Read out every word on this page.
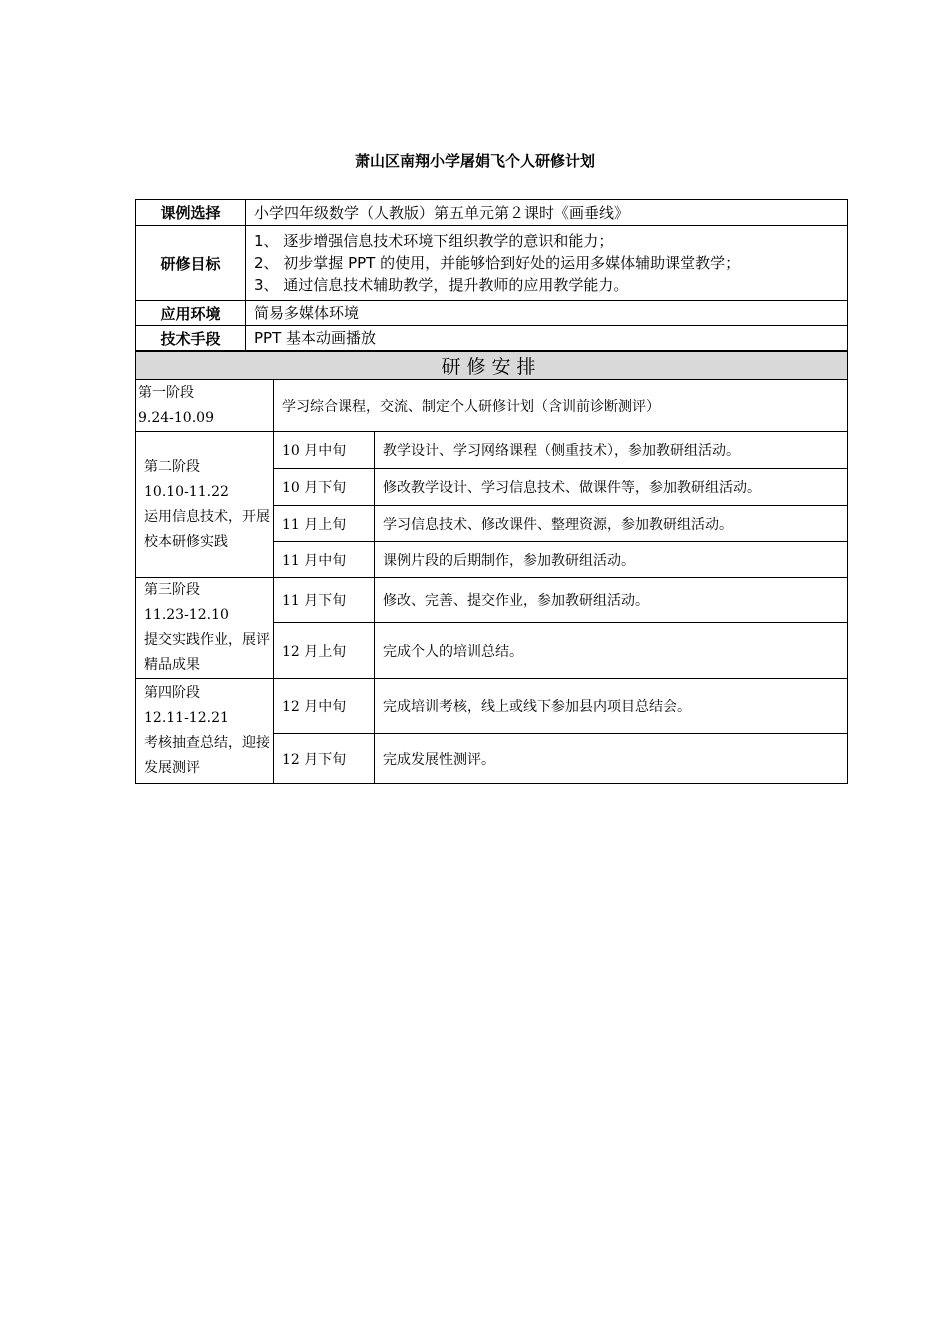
萧山区南翔小学屠娟飞个人研修计划
课例选择	小学四年级数学（人教版）第五单元第２课时《画垂线》
研修目标	1、 逐步增强信息技术环境下组织教学的意识和能力；
2、 初步掌握 PPT 的使用，并能够恰到好处的运用多媒体辅助课堂教学；
3、 通过信息技术辅助教学，提升教师的应用教学能力。

应用环境	简易多媒体环境
技术手段	PPT 基本动画播放
研修安排		

第一阶段
9.24-10.09	学习综合课程，交流、制定个人研修计划（含训前诊断测评）	

第二阶段
10.10-11.22
运用信息技术，开展校本研修实践	10 月中旬	教学设计、学习网络课程（侧重技术），参加教研组活动。
	10 月下旬	修改教学设计、学习信息技术、做课件等，参加教研组活动。
	11 月上旬	学习信息技术、修改课件、整理资源，参加教研组活动。
	11 月中旬	课例片段的后期制作，参加教研组活动。

第三阶段
11.23-12.10
提交实践作业，展评精品成果	11 月下旬	修改、完善、提交作业，参加教研组活动。
	12 月上旬	完成个人的培训总结。

第四阶段
12.11-12.21
考核抽查总结，迎接发展测评	12 月中旬	完成培训考核，线上或线下参加县内项目总结会。
	12 月下旬	完成发展性测评。
